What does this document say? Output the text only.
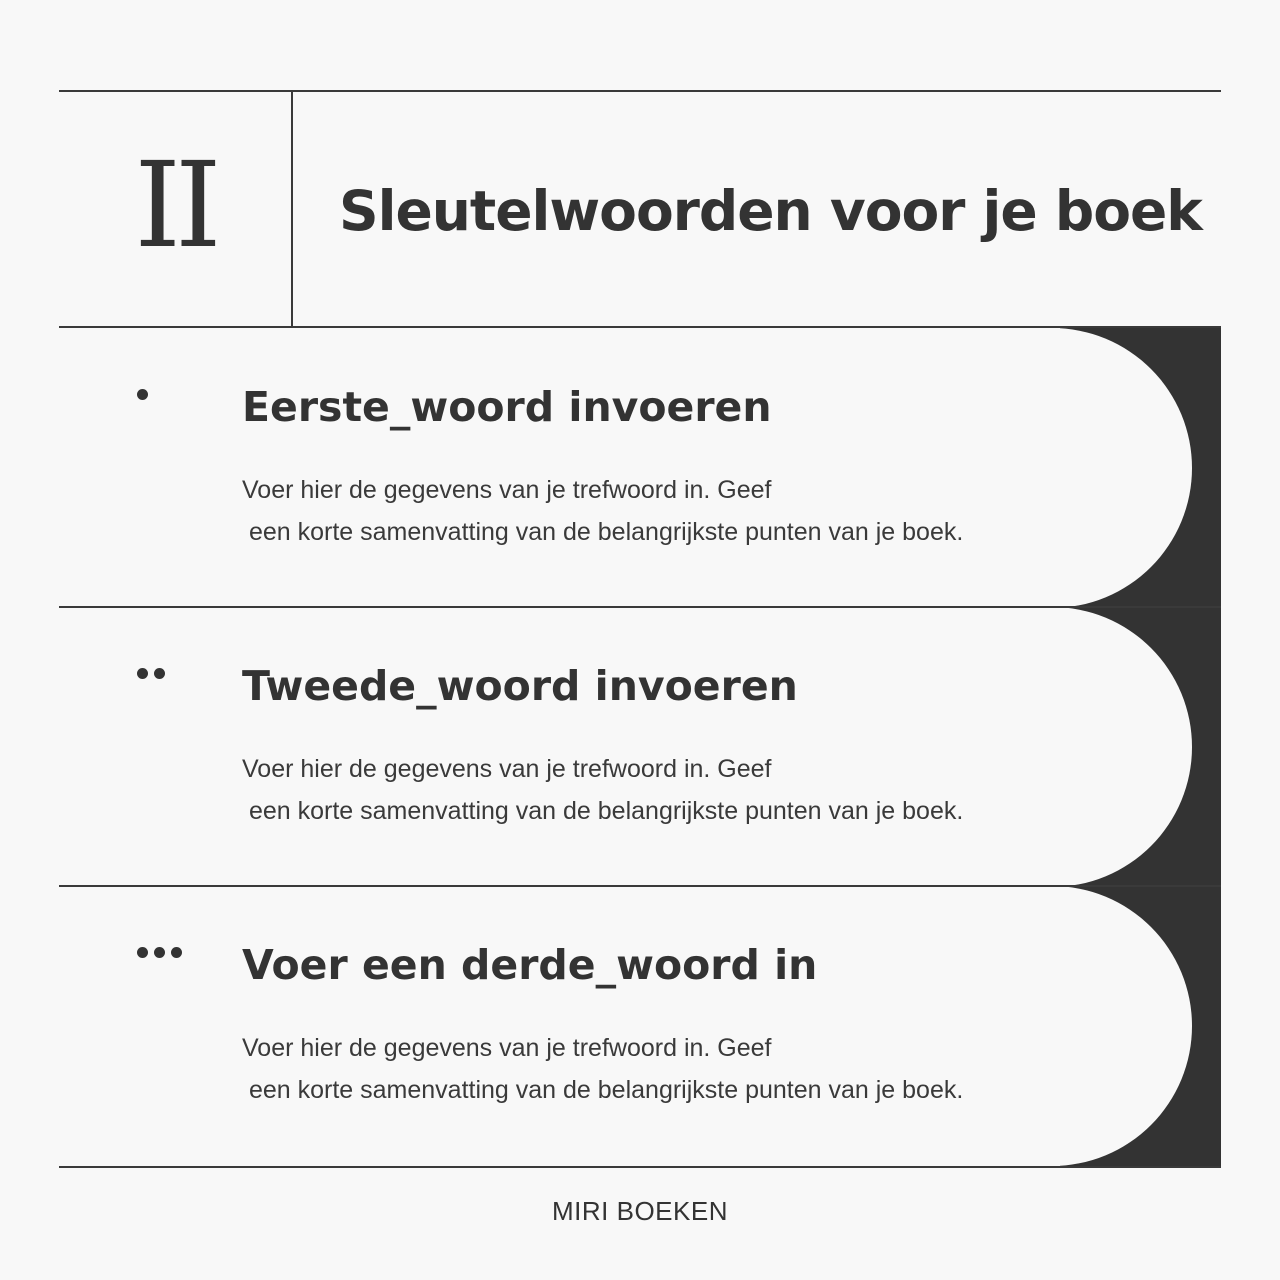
II	Sleutelwoorden voor je boek
Eerste_woord invoeren
Voer hier de gegevens van je trefwoord in. Geef
een korte samenvatting van de belangrijkste punten van je boek.
Tweede_woord invoeren
Voer hier de gegevens van je trefwoord in. Geef
een korte samenvatting van de belangrijkste punten van je boek.
Voer een derde_woord in
Voer hier de gegevens van je trefwoord in. Geef
een korte samenvatting van de belangrijkste punten van je boek.
MIRI BOEKEN
